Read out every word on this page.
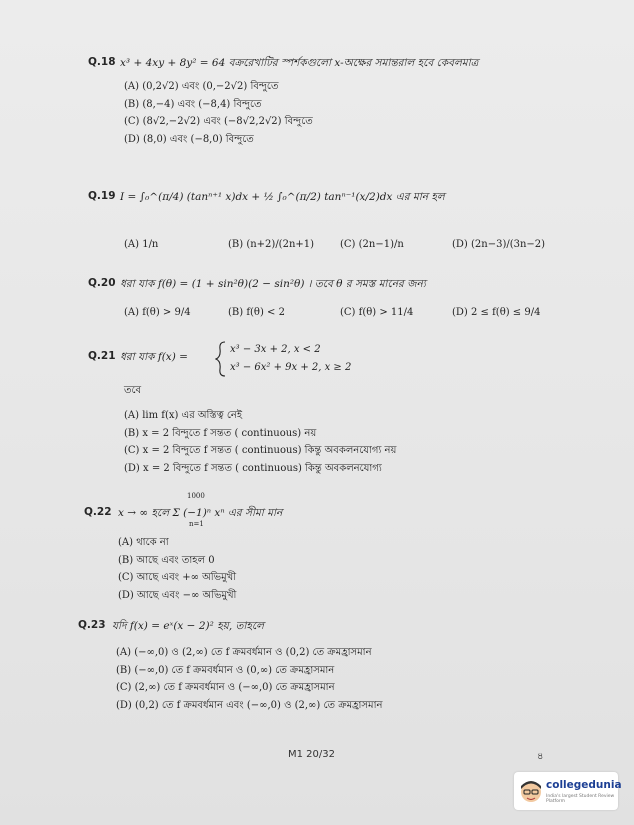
Q.18 x³ + 4xy + 8y² = 64 বক্ররেখাটির স্পর্শকগুলো x-অক্ষের সমান্তরাল হবে কেবলমাত্র
(A) (0,2√2) এবং (0,−2√2) বিন্দুতে
(B) (8,−4) এবং (−8,4) বিন্দুতে
(C) (8√2,−2√2) এবং (−8√2,2√2) বিন্দুতে
(D) (8,0) এবং (−8,0) বিন্দুতে
Q.19 I = ∫₀^(π/4) (tanⁿ⁺¹ x)dx + ½ ∫₀^(π/2) tanⁿ⁻¹(x/2)dx এর মান হল
(A) 1/n	(B) (n+2)/(2n+1)	(C) (2n−1)/n	(D) (2n−3)/(3n−2)
Q.20 ধরা যাক f(θ) = (1 + sin²θ)(2 − sin²θ) । তবে θ র সমস্ত মানের জন্য
(A) f(θ) > 9/4	(B) f(θ) < 2	(C) f(θ) > 11/4	(D) 2 ≤ f(θ) ≤ 9/4
Q.21 ধরা যাক f(x) =
x³ − 3x + 2, x < 2
x³ − 6x² + 9x + 2, x ≥ 2
তবে
(A) lim f(x) এর অস্তিত্ব নেই
(B) x = 2 বিন্দুতে f সন্তত ( continuous) নয়
(C) x = 2 বিন্দুতে f সন্তত ( continuous) কিন্তু অবকলনযোগ্য নয়
(D) x = 2 বিন্দুতে f সন্তত ( continuous) কিন্তু অবকলনযোগ্য
Q.22
1000
n=1
x → ∞ হলে Σ (−1)ⁿ xⁿ এর সীমা মান
(A) থাকে না
(B) আছে এবং তাহল 0
(C) আছে এবং +∞ অভিমুখী
(D) আছে এবং −∞ অভিমুখী
Q.23 যদি f(x) = eˣ(x − 2)² হয়, তাহলে
(A) (−∞,0) ও (2,∞) তে f ক্রমবর্ধমান ও (0,2) তে ক্রমহ্রাসমান
(B) (−∞,0) তে f ক্রমবর্ধমান ও (0,∞) তে ক্রমহ্রাসমান
(C) (2,∞) তে f ক্রমবর্ধমান ও (−∞,0) তে ক্রমহ্রাসমান
(D) (0,2) তে f ক্রমবর্ধমান এবং (−∞,0) ও (2,∞) তে ক্রমহ্রাসমান
M1 20/32	৪
collegedunia
India's largest Student Review Platform
